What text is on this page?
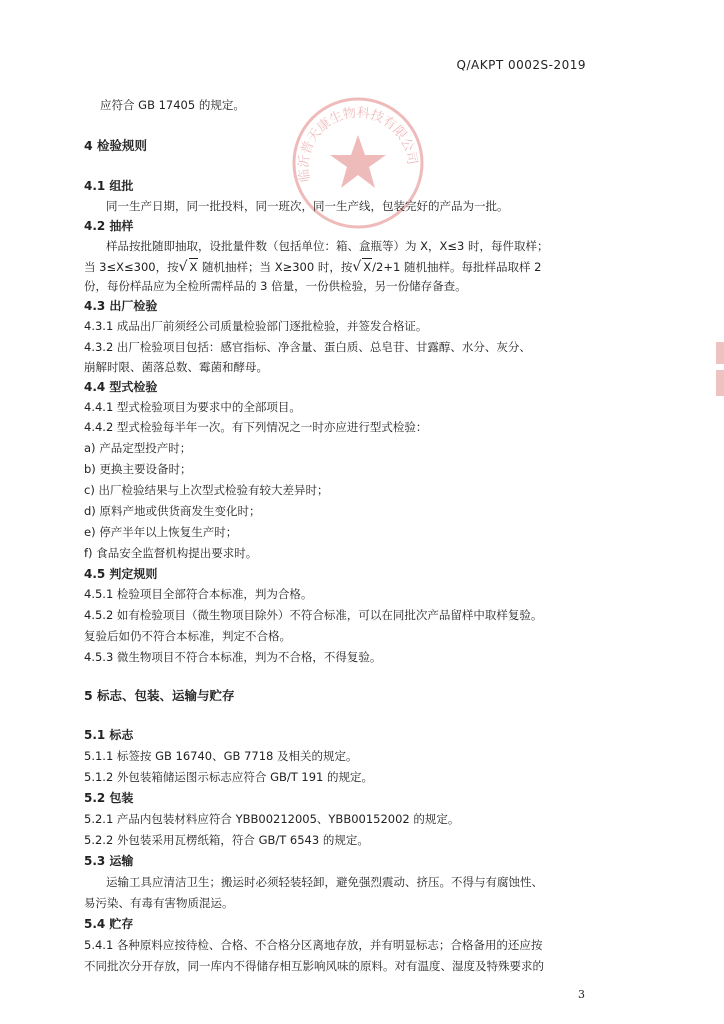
Q/AKPT 0002S-2019
临沂普天康生物科技有限公司
应符合 GB 17405 的规定。
4 检验规则
4.1 组批
同一生产日期，同一批投料，同一班次，同一生产线，包装完好的产品为一批。
4.2 抽样
样品按批随即抽取，设批量件数（包括单位：箱、盒瓶等）为 X，X≤3 时，每件取样；
当 3≤X≤300，按√ X 随机抽样；当 X≥300 时，按√ X/2+1 随机抽样。每批样品取样 2
份，每份样品应为全检所需样品的 3 倍量，一份供检验，另一份储存备查。
4.3 出厂检验
4.3.1 成品出厂前须经公司质量检验部门逐批检验，并签发合格证。
4.3.2 出厂检验项目包括：感官指标、净含量、蛋白质、总皂苷、甘露醇、水分、灰分、
崩解时限、菌落总数、霉菌和酵母。
4.4 型式检验
4.4.1 型式检验项目为要求中的全部项目。
4.4.2 型式检验每半年一次。有下列情况之一时亦应进行型式检验：
a) 产品定型投产时；
b) 更换主要设备时；
c) 出厂检验结果与上次型式检验有较大差异时；
d) 原料产地或供货商发生变化时；
e) 停产半年以上恢复生产时；
f) 食品安全监督机构提出要求时。
4.5 判定规则
4.5.1 检验项目全部符合本标准，判为合格。
4.5.2 如有检验项目（微生物项目除外）不符合标准，可以在同批次产品留样中取样复验。
复验后如仍不符合本标准，判定不合格。
4.5.3 微生物项目不符合本标准，判为不合格，不得复验。
5 标志、包装、运输与贮存
5.1 标志
5.1.1 标签按 GB 16740、GB 7718 及相关的规定。
5.1.2 外包装箱储运图示标志应符合 GB/T 191 的规定。
5.2 包装
5.2.1 产品内包装材料应符合 YBB00212005、YBB00152002 的规定。
5.2.2 外包装采用瓦楞纸箱，符合 GB/T 6543 的规定。
5.3 运输
运输工具应清洁卫生；搬运时必须轻装轻卸，避免强烈震动、挤压。不得与有腐蚀性、
易污染、有毒有害物质混运。
5.4 贮存
5.4.1 各种原料应按待检、合格、不合格分区离地存放，并有明显标志；合格备用的还应按
不同批次分开存放，同一库内不得储存相互影响风味的原料。对有温度、湿度及特殊要求的
3
